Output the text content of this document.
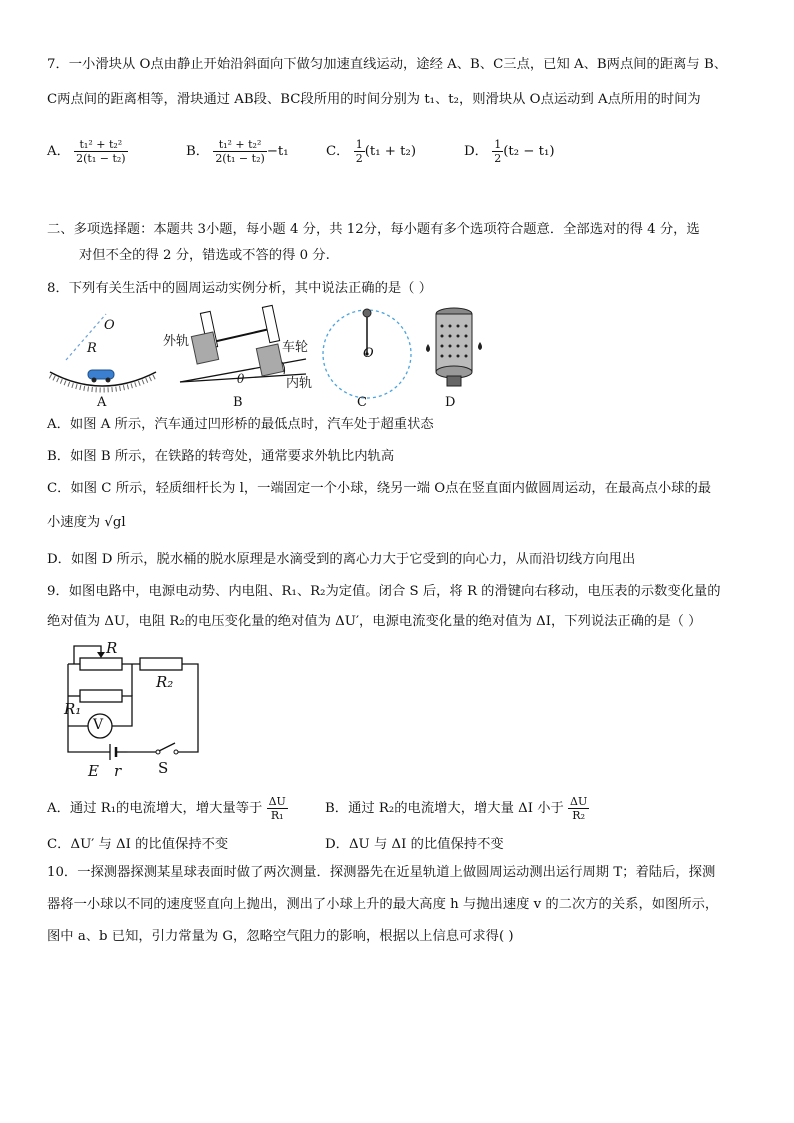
7．一小滑块从 O点由静止开始沿斜面向下做匀加速直线运动，途经 A、B、C三点，已知 A、B两点间的距离与 B、
C两点间的距离相等，滑块通过 AB段、BC段所用的时间分别为 t₁、t₂，则滑块从 O点运动到 A点所用的时间为
A． $\frac{\text{t₁² + t₂²}}{\text{2(t₁ − t₂)}}$	B． $\frac{\text{t₁² + t₂²}}{\text{2(t₁ − t₂)}} -t_1$	C． $\frac{1}{2} (t_1 + t_2)$	D． $\frac{1}{2} (t_2 - t_1)$
二、多项选择题：本题共 3小题，每小题 4 分，共 12分，每小题有多个选项符合题意．全部选对的得 4 分，选
对但不全的得 2 分，错选或不答的得 0 分.
8．下列有关生活中的圆周运动实例分析，其中说法正确的是（ ）
O
R	外轨	车轮
内轨
θ
O
A	B	C	D
A．如图 A 所示，汽车通过凹形桥的最低点时，汽车处于超重状态
B．如图 B 所示，在铁路的转弯处，通常要求外轨比内轨高
C．如图 C 所示，轻质细杆长为 l，一端固定一个小球，绕另一端 O点在竖直面内做圆周运动，在最高点小球的最
小速度为 √gl
D．如图 D 所示，脱水桶的脱水原理是水滴受到的离心力大于它受到的向心力，从而沿切线方向甩出
9．如图电路中，电源电动势、内电阻、R₁、R₂为定值。闭合 S 后，将 R 的滑键向右移动，电压表的示数变化量的
绝对值为 ΔU，电阻 R₂的电压变化量的绝对值为 ΔU′，电源电流变化量的绝对值为 ΔI，下列说法正确的是（ ）
R
R₂
R₁
V
E r S
A．通过 R₁的电流增大，增大量等于 $\frac{\Delta U}{\text{R₁}}$	B．通过 R₂的电流增大，增大量 ΔI 小于 $\frac{\Delta U}{\text{R₂}}$
C．ΔU′ 与 ΔI 的比值保持不变	D．ΔU 与 ΔI 的比值保持不变
10．一探测器探测某星球表面时做了两次测量．探测器先在近星轨道上做圆周运动测出运行周期 T；着陆后，探测
器将一小球以不同的速度竖直向上抛出，测出了小球上升的最大高度 h 与抛出速度 v 的二次方的关系，如图所示，
图中 a、b 已知，引力常量为 G，忽略空气阻力的影响，根据以上信息可求得( )
